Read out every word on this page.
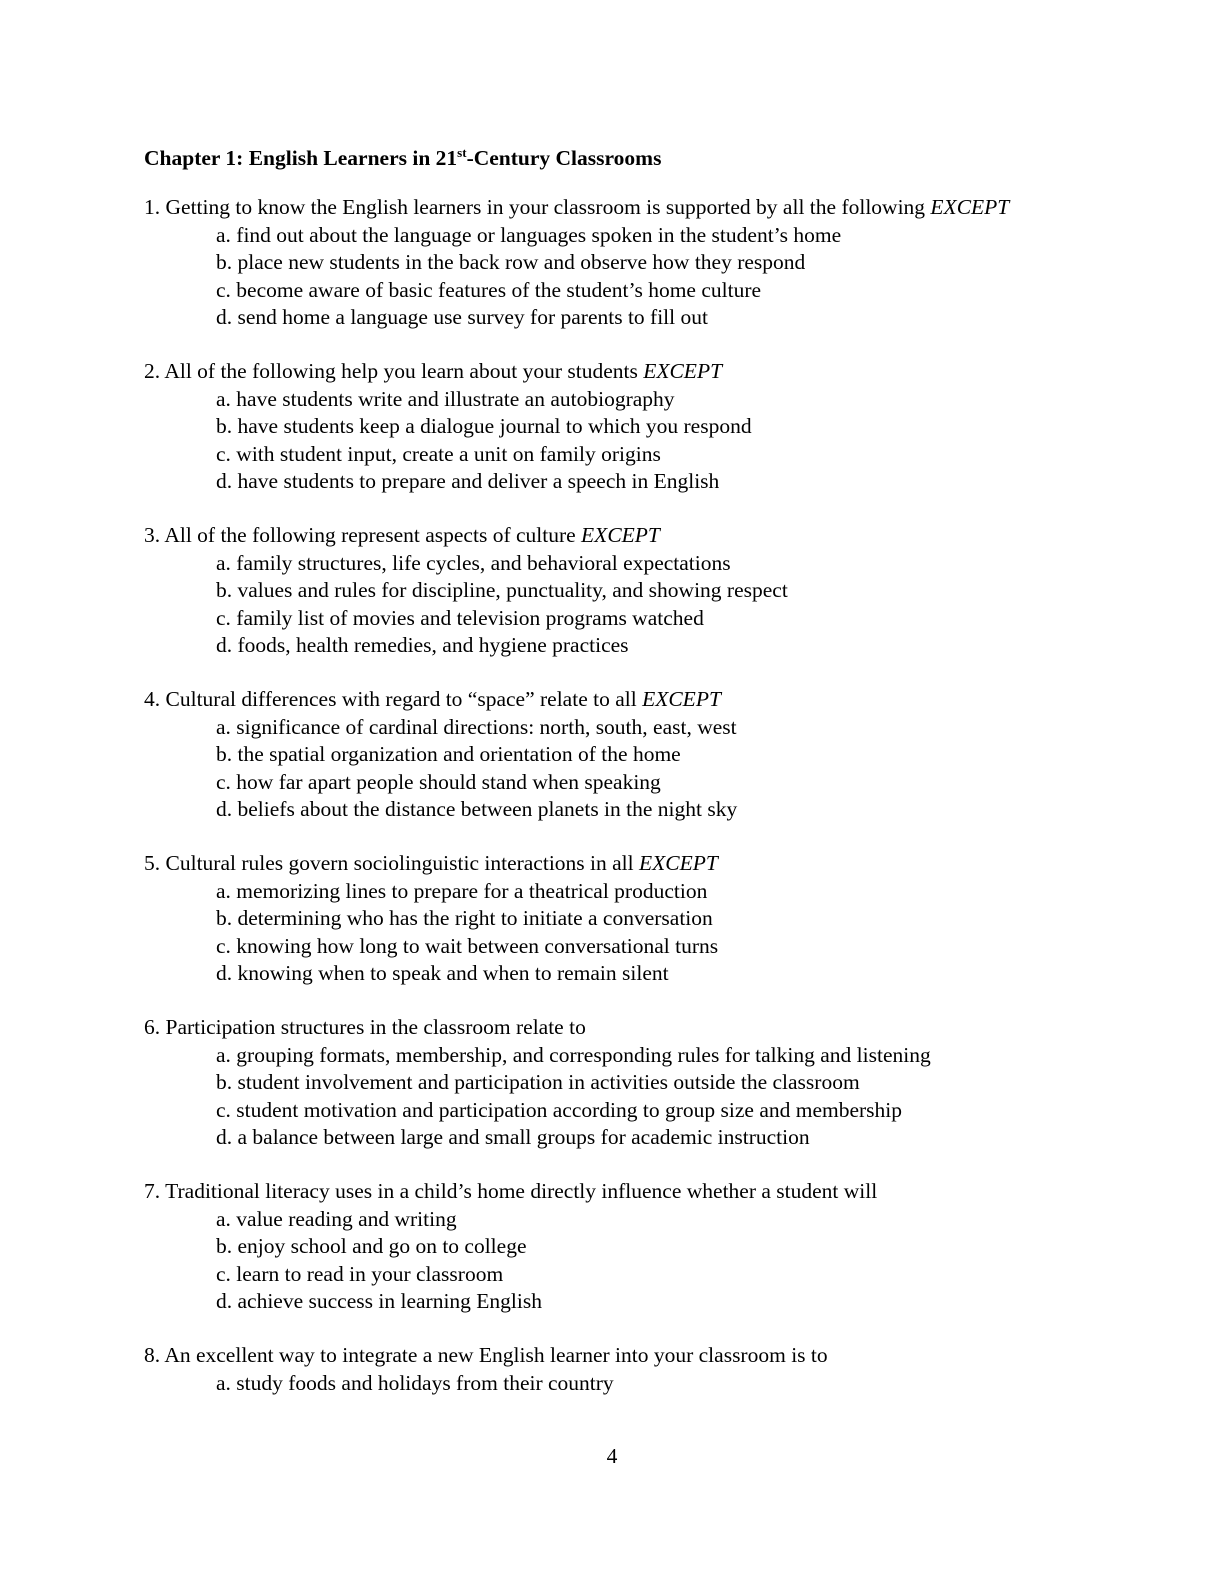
Chapter 1: English Learners in 21st-Century Classrooms
1. Getting to know the English learners in your classroom is supported by all the following EXCEPT
a. find out about the language or languages spoken in the student’s home
b. place new students in the back row and observe how they respond
c. become aware of basic features of the student’s home culture
d. send home a language use survey for parents to fill out
2. All of the following help you learn about your students EXCEPT
a. have students write and illustrate an autobiography
b. have students keep a dialogue journal to which you respond
c. with student input, create a unit on family origins
d. have students to prepare and deliver a speech in English
3. All of the following represent aspects of culture EXCEPT
a. family structures, life cycles, and behavioral expectations
b. values and rules for discipline, punctuality, and showing respect
c. family list of movies and television programs watched
d. foods, health remedies, and hygiene practices
4. Cultural differences with regard to “space” relate to all EXCEPT
a. significance of cardinal directions: north, south, east, west
b. the spatial organization and orientation of the home
c. how far apart people should stand when speaking
d. beliefs about the distance between planets in the night sky
5. Cultural rules govern sociolinguistic interactions in all EXCEPT
a. memorizing lines to prepare for a theatrical production
b. determining who has the right to initiate a conversation
c. knowing how long to wait between conversational turns
d. knowing when to speak and when to remain silent
6. Participation structures in the classroom relate to
a. grouping formats, membership, and corresponding rules for talking and listening
b. student involvement and participation in activities outside the classroom
c. student motivation and participation according to group size and membership
d. a balance between large and small groups for academic instruction
7. Traditional literacy uses in a child’s home directly influence whether a student will
a. value reading and writing
b. enjoy school and go on to college
c. learn to read in your classroom
d. achieve success in learning English
8. An excellent way to integrate a new English learner into your classroom is to
a. study foods and holidays from their country
4
